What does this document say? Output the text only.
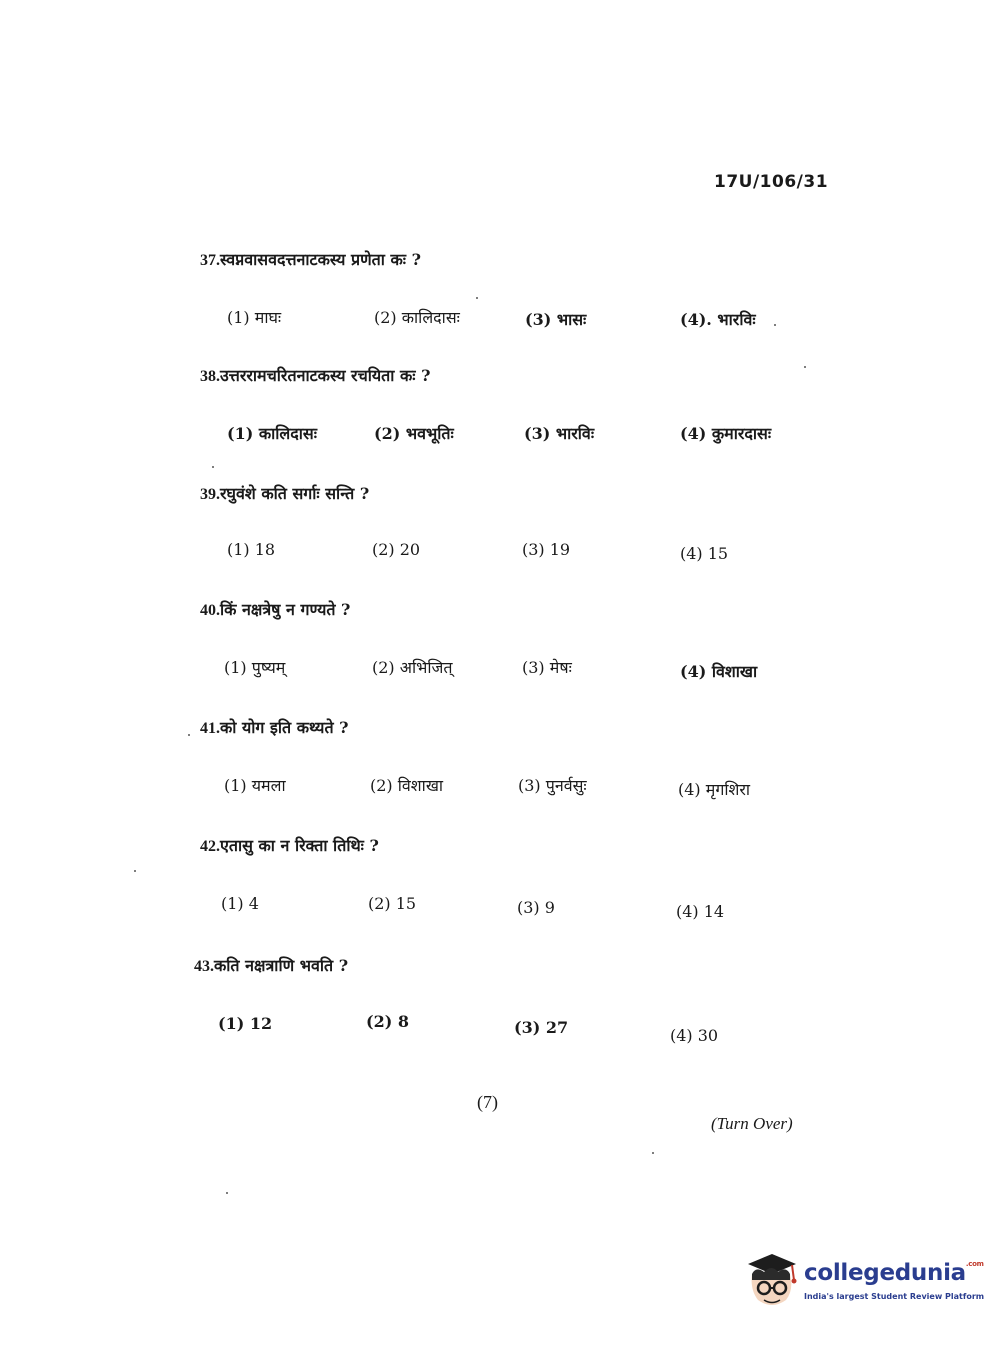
17U/106/31
37.स्वप्नवासवदत्तनाटकस्य प्रणेता कः ?
(1) माघः	(2) कालिदासः	(3) भासः	(4). भारविः
38.उत्तररामचरितनाटकस्य रचयिता कः ?
(1) कालिदासः	(2) भवभूतिः	(3) भारविः	(4) कुमारदासः
39.रघुवंशे कति सर्गाः सन्ति ?
(1) 18	(2) 20	(3) 19	(4) 15
40.किं नक्षत्रेषु न गण्यते ?
(1) पुष्यम्	(2) अभिजित्	(3) मेषः	(4) विशाखा
41.को योग इति कथ्यते ?
(1) यमला	(2) विशाखा	(3) पुनर्वसुः	(4) मृगशिरा
42.एतासु का न रिक्ता तिथिः ?
(1) 4	(2) 15	(3) 9	(4) 14
43.कति नक्षत्राणि भवति ?
(1) 12	(2) 8	(3) 27	(4) 30
(7)
(Turn Over)
collegedunia$^{.com}$
India's largest Student Review Platform
